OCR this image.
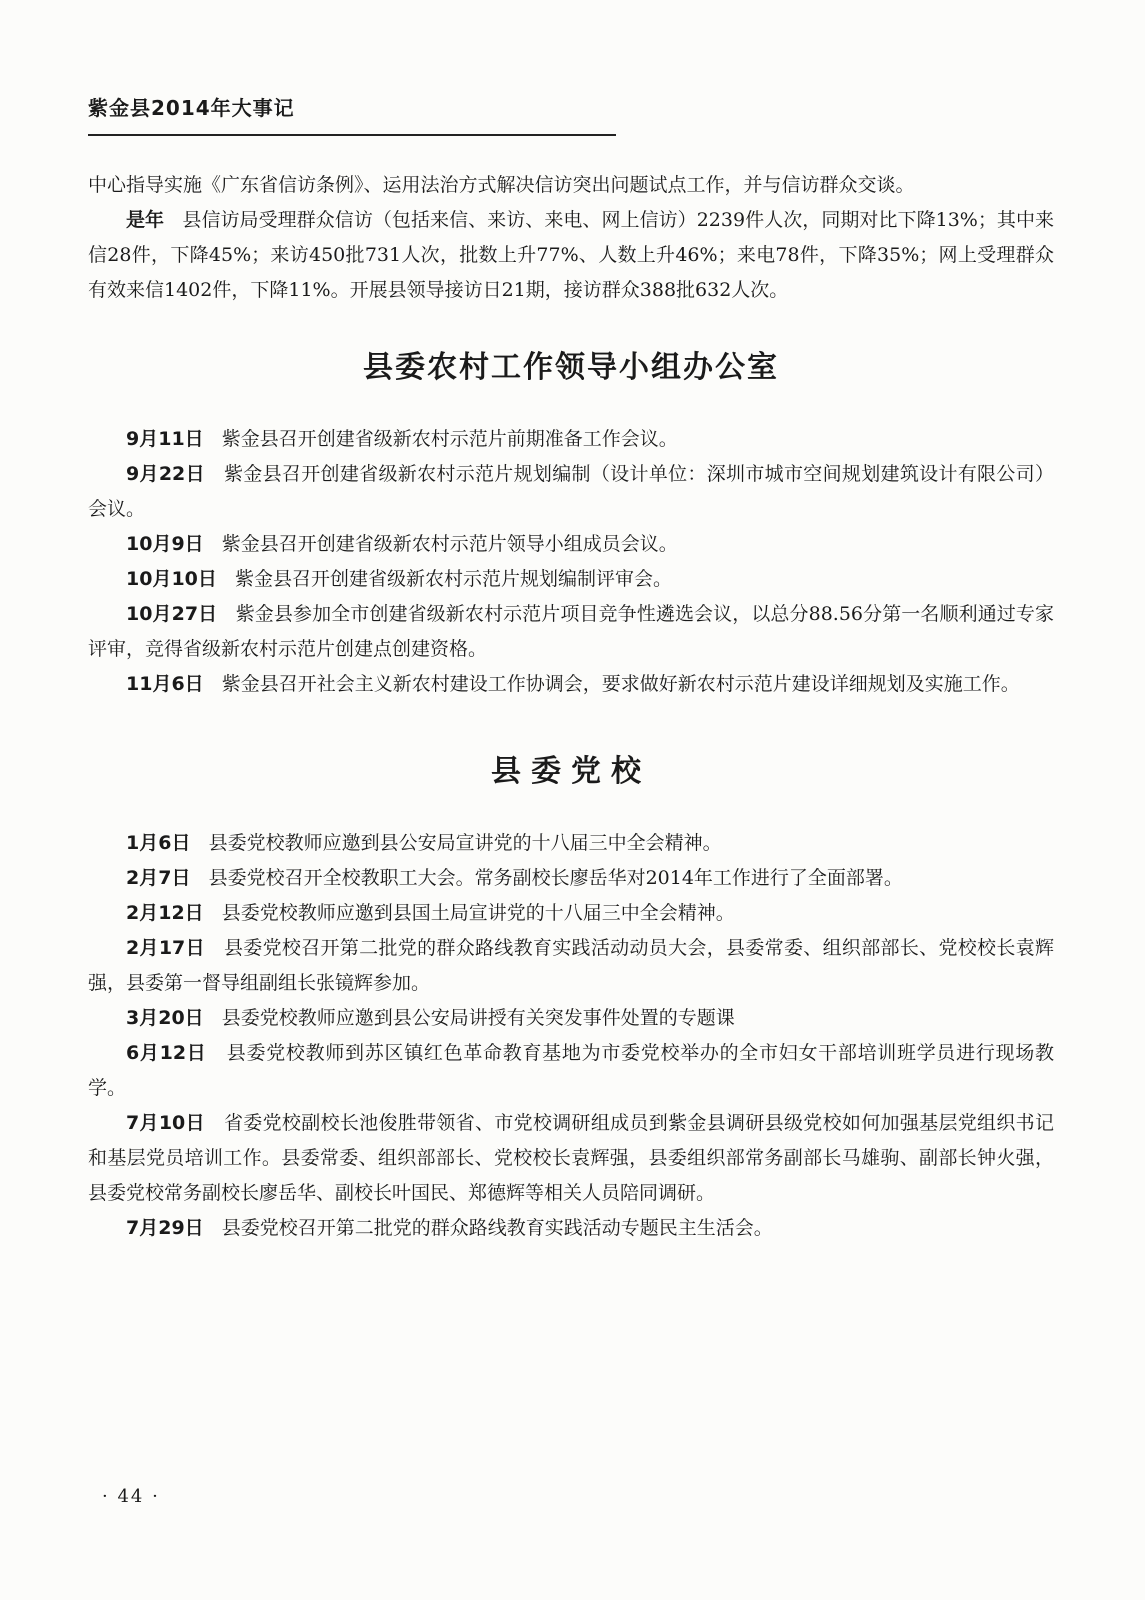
紫金县2014年大事记

中心指导实施《广东省信访条例》、运用法治方式解决信访突出问题试点工作，并与信访群众交谈。

是年 县信访局受理群众信访（包括来信、来访、来电、网上信访）2239件人次，同期对比下降13%；其中来信28件，下降45%；来访450批731人次，批数上升77%、人数上升46%；来电78件，下降35%；网上受理群众有效来信1402件，下降11%。开展县领导接访日21期，接访群众388批632人次。

县委农村工作领导小组办公室

9月11日 紫金县召开创建省级新农村示范片前期准备工作会议。

9月22日 紫金县召开创建省级新农村示范片规划编制（设计单位：深圳市城市空间规划建筑设计有限公司）会议。

10月9日 紫金县召开创建省级新农村示范片领导小组成员会议。

10月10日 紫金县召开创建省级新农村示范片规划编制评审会。

10月27日 紫金县参加全市创建省级新农村示范片项目竞争性遴选会议，以总分88.56分第一名顺利通过专家评审，竞得省级新农村示范片创建点创建资格。

11月6日 紫金县召开社会主义新农村建设工作协调会，要求做好新农村示范片建设详细规划及实施工作。

县委党校

1月6日 县委党校教师应邀到县公安局宣讲党的十八届三中全会精神。

2月7日 县委党校召开全校教职工大会。常务副校长廖岳华对2014年工作进行了全面部署。

2月12日 县委党校教师应邀到县国土局宣讲党的十八届三中全会精神。

2月17日 县委党校召开第二批党的群众路线教育实践活动动员大会，县委常委、组织部部长、党校校长袁辉强，县委第一督导组副组长张镜辉参加。

3月20日 县委党校教师应邀到县公安局讲授有关突发事件处置的专题课

6月12日 县委党校教师到苏区镇红色革命教育基地为市委党校举办的全市妇女干部培训班学员进行现场教学。

7月10日 省委党校副校长池俊胜带领省、市党校调研组成员到紫金县调研县级党校如何加强基层党组织书记和基层党员培训工作。县委常委、组织部部长、党校校长袁辉强，县委组织部常务副部长马雄驹、副部长钟火强，县委党校常务副校长廖岳华、副校长叶国民、郑德辉等相关人员陪同调研。

7月29日 县委党校召开第二批党的群众路线教育实践活动专题民主生活会。

· 44 ·
